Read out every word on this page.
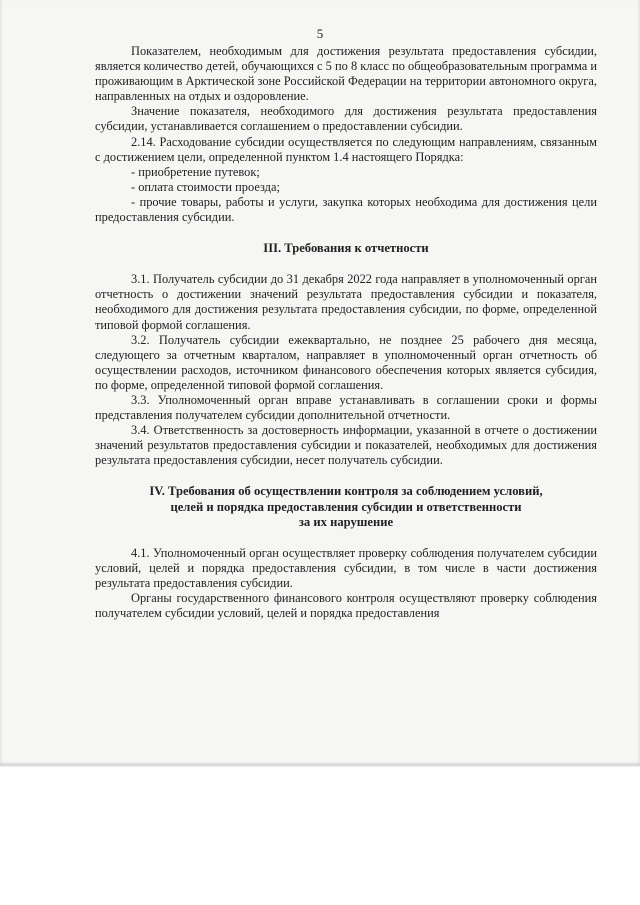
5

Показателем, необходимым для достижения результата предоставления субсидии, является количество детей, обучающихся с 5 по 8 класс по общеобразовательным программа и проживающим в Арктической зоне Российской Федерации на территории автономного округа, направленных на отдых и оздоровление.

Значение показателя, необходимого для достижения результата предоставления субсидии, устанавливается соглашением о предоставлении субсидии.

2.14. Расходование субсидии осуществляется по следующим направлениям, связанным с достижением цели, определенной пунктом 1.4 настоящего Порядка:

- приобретение путевок;

- оплата стоимости проезда;

- прочие товары, работы и услуги, закупка которых необходима для достижения цели предоставления субсидии.

III. Требования к отчетности

3.1. Получатель субсидии до 31 декабря 2022 года направляет в уполномоченный орган отчетность о достижении значений результата предоставления субсидии и показателя, необходимого для достижения результата предоставления субсидии, по форме, определенной типовой формой соглашения.

3.2. Получатель субсидии ежеквартально, не позднее 25 рабочего дня месяца, следующего за отчетным кварталом, направляет в уполномоченный орган отчетность об осуществлении расходов, источником финансового обеспечения которых является субсидия, по форме, определенной типовой формой соглашения.

3.3. Уполномоченный орган вправе устанавливать в соглашении сроки и формы представления получателем субсидии дополнительной отчетности.

3.4. Ответственность за достоверность информации, указанной в отчете о достижении значений результатов предоставления субсидии и показателей, необходимых для достижения результата предоставления субсидии, несет получатель субсидии.

IV. Требования об осуществлении контроля за соблюдением условий,

целей и порядка предоставления субсидии и ответственности

за их нарушение

4.1. Уполномоченный орган осуществляет проверку соблюдения получателем субсидии условий, целей и порядка предоставления субсидии, в том числе в части достижения результата предоставления субсидии.

Органы государственного финансового контроля осуществляют проверку соблюдения получателем субсидии условий, целей и порядка предоставления
